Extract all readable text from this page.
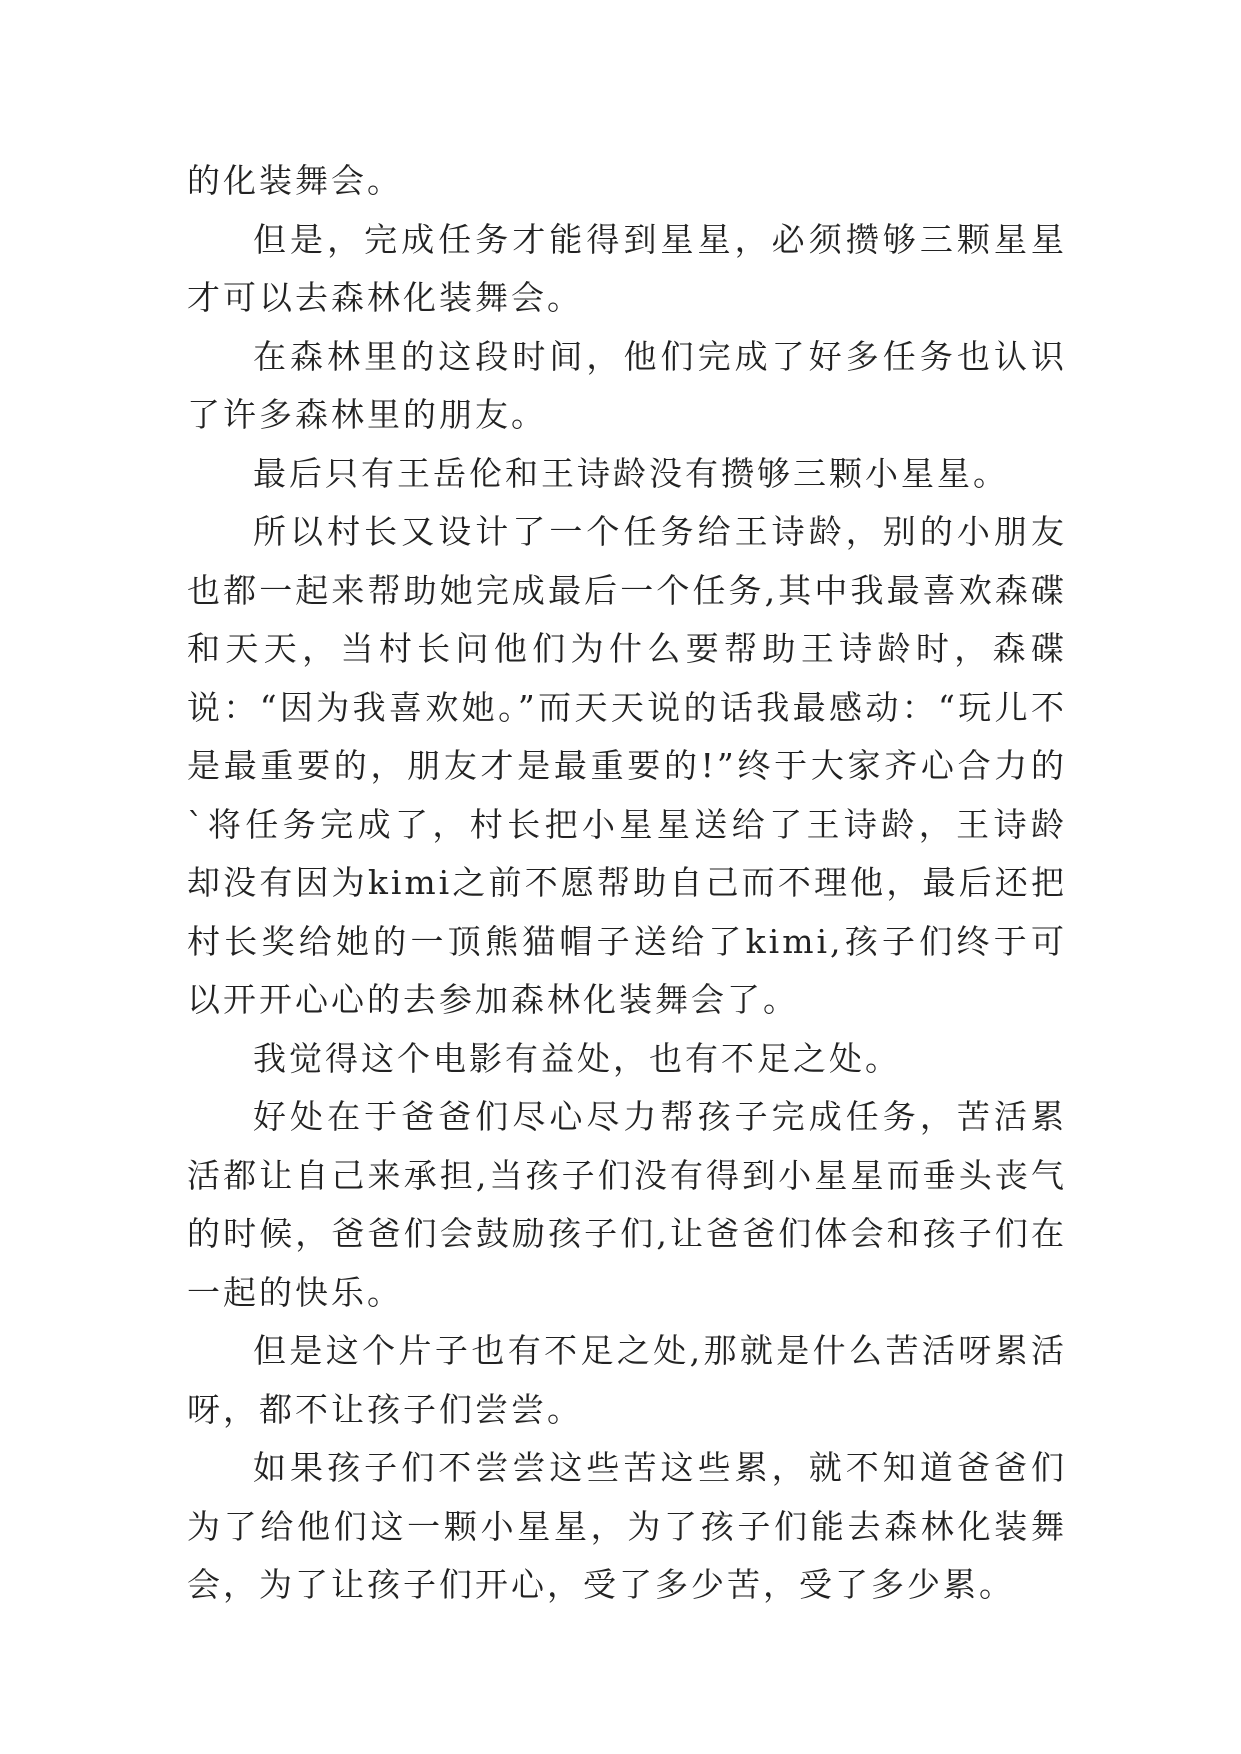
的化装舞会。

但是，完成任务才能得到星星，必须攒够三颗星星才可以去森林化装舞会。

在森林里的这段时间，他们完成了好多任务也认识了许多森林里的朋友。

最后只有王岳伦和王诗龄没有攒够三颗小星星。

所以村长又设计了一个任务给王诗龄，别的小朋友也都一起来帮助她完成最后一个任务,其中我最喜欢森碟和天天，当村长问他们为什么要帮助王诗龄时，森碟说：“因为我喜欢她。”而天天说的话我最感动：“玩儿不是最重要的，朋友才是最重要的!”终于大家齐心合力的`将任务完成了，村长把小星星送给了王诗龄，王诗龄却没有因为kimi之前不愿帮助自己而不理他，最后还把村长奖给她的一顶熊猫帽子送给了kimi,孩子们终于可以开开心心的去参加森林化装舞会了。

我觉得这个电影有益处，也有不足之处。

好处在于爸爸们尽心尽力帮孩子完成任务，苦活累活都让自己来承担,当孩子们没有得到小星星而垂头丧气的时候，爸爸们会鼓励孩子们,让爸爸们体会和孩子们在一起的快乐。

但是这个片子也有不足之处,那就是什么苦活呀累活呀，都不让孩子们尝尝。

如果孩子们不尝尝这些苦这些累，就不知道爸爸们为了给他们这一颗小星星，为了孩子们能去森林化装舞会，为了让孩子们开心，受了多少苦，受了多少累。
